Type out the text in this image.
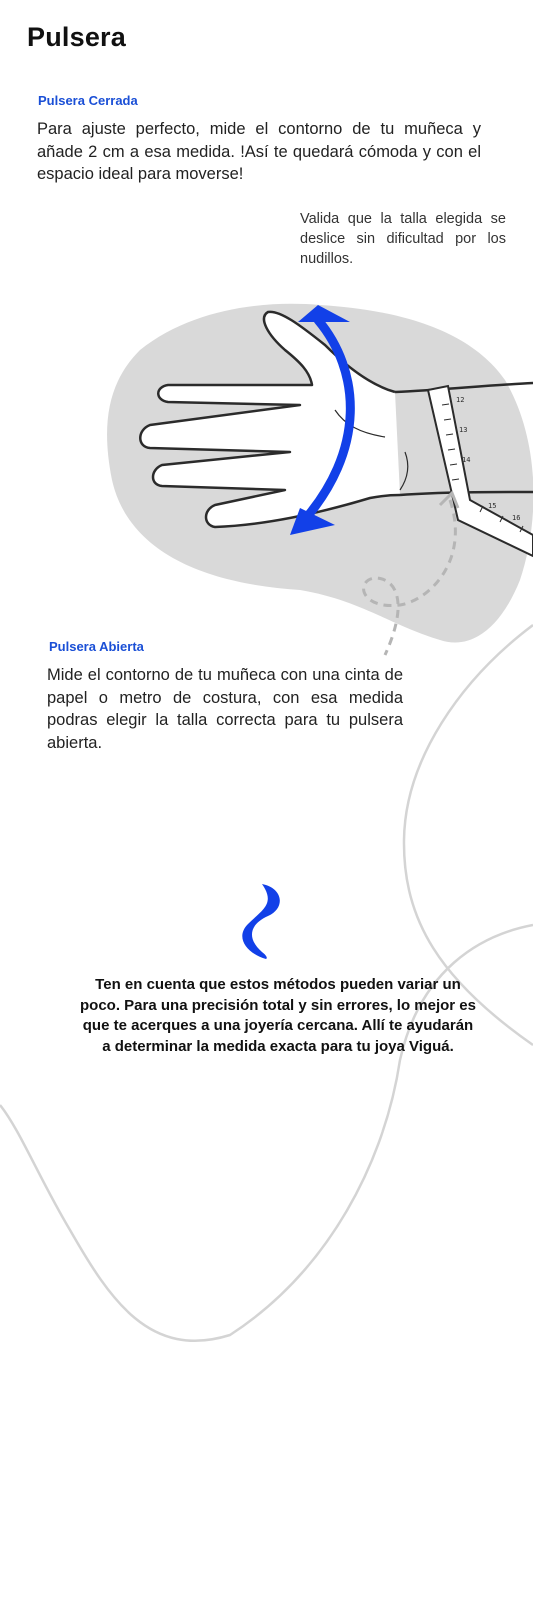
Pulsera

Pulsera Cerrada

Para ajuste perfecto, mide el contorno de tu muñeca y añade 2 cm a esa medida. !Así te quedará cómoda y con el espacio ideal para moverse!

Valida que la talla elegida se deslice sin dificultad por los nudillos.

12
13
14
15
16

Pulsera Abierta

Mide el contorno de tu muñeca con una cinta de papel o metro de costura, con esa medida podras elegir la talla correcta para tu pulsera abierta.

Ten en cuenta que estos métodos pueden variar un poco. Para una precisión total y sin errores, lo mejor es que te acerques a una joyería cercana. Allí te ayudarán a determinar la medida exacta para tu joya Viguá.
